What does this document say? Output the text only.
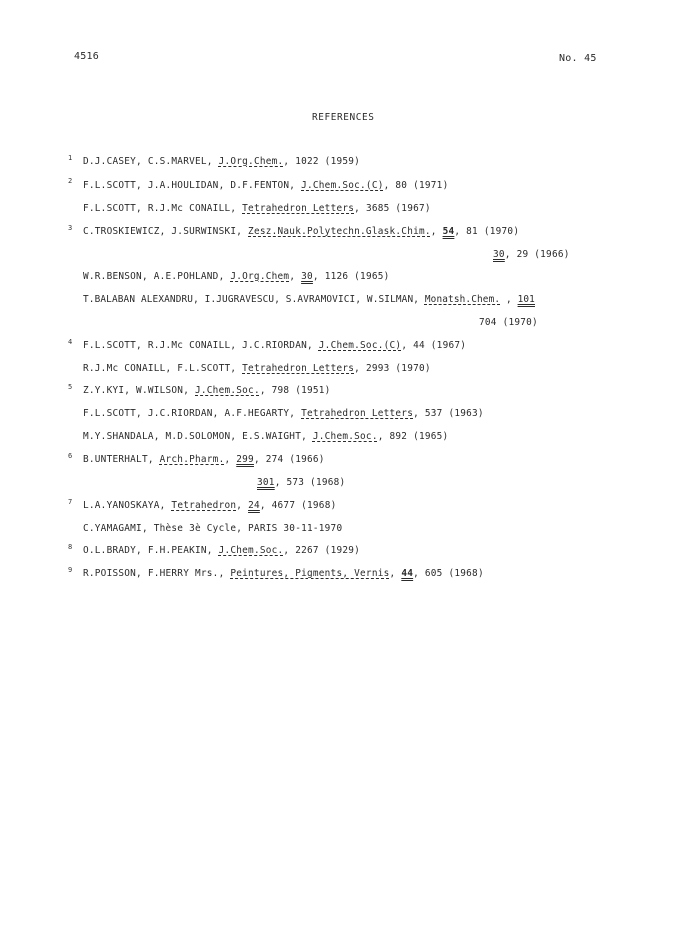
4516	No. 45
REFERENCES
1 D.J.CASEY, C.S.MARVEL, J.Org.Chem., 1022 (1959)
2 F.L.SCOTT, J.A.HOULIDAN, D.F.FENTON, J.Chem.Soc.(C), 80 (1971)
F.L.SCOTT, R.J.Mc CONAILL, Tetrahedron Letters, 3685 (1967)
3 C.TROSKIEWICZ, J.SURWINSKI, Zesz.Nauk.Polytechn.Glask.Chim., 54, 81 (1970)
30, 29 (1966)
W.R.BENSON, A.E.POHLAND, J.Org.Chem, 30, 1126 (1965)
T.BALABAN ALEXANDRU, I.JUGRAVESCU, S.AVRAMOVICI, W.SILMAN, Monatsh.Chem. , 101
704 (1970)
4 F.L.SCOTT, R.J.Mc CONAILL, J.C.RIORDAN, J.Chem.Soc.(C), 44 (1967)
R.J.Mc CONAILL, F.L.SCOTT, Tetrahedron Letters, 2993 (1970)
5 Z.Y.KYI, W.WILSON, J.Chem.Soc., 798 (1951)
F.L.SCOTT, J.C.RIORDAN, A.F.HEGARTY, Tetrahedron Letters, 537 (1963)
M.Y.SHANDALA, M.D.SOLOMON, E.S.WAIGHT, J.Chem.Soc., 892 (1965)
6 B.UNTERHALT, Arch.Pharm., 299, 274 (1966)
301, 573 (1968)
7 L.A.YANOSKAYA, Tetrahedron, 24, 4677 (1968)
C.YAMAGAMI, Thèse 3è Cycle, PARIS 30-11-1970
8 O.L.BRADY, F.H.PEAKIN, J.Chem.Soc., 2267 (1929)
9 R.POISSON, F.HERRY Mrs., Peintures, Pigments, Vernis, 44, 605 (1968)
